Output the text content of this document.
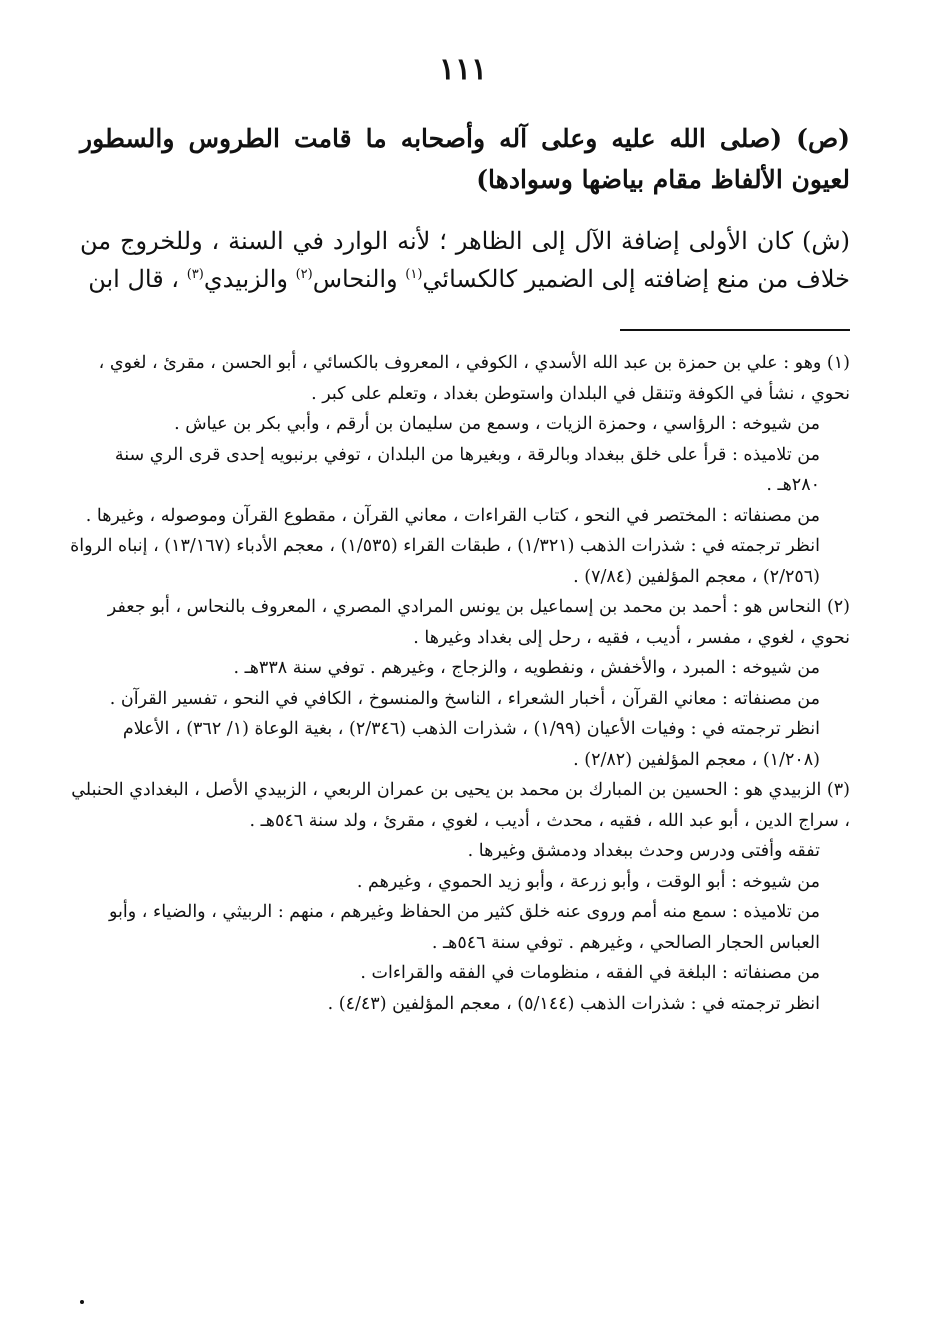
١١١

(ص) (صلى الله عليه وعلى آله وأصحابه ما قامت الطروس والسطور لعيون الألفاظ مقام بياضها وسوادها)

(ش) كان الأولى إضافة الآل إلى الظاهر ؛ لأنه الوارد في السنة ، وللخروج من خلاف من منع إضافته إلى الضمير كالكسائي$^{(١)}$ والنحاس$^{(٢)}$ والزبيدي$^{(٣)}$ ، قال ابن

(١) وهو : علي بن حمزة بن عبد الله الأسدي ، الكوفي ، المعروف بالكسائي ، أبو الحسن ، مقرئ ، لغوي ، نحوي ، نشأ في الكوفة وتنقل في البلدان واستوطن بغداد ، وتعلم على كبر .

من شيوخه : الرؤاسي ، وحمزة الزيات ، وسمع من سليمان بن أرقم ، وأبي بكر بن عياش .

من تلاميذه : قرأ على خلق ببغداد وبالرقة ، وبغيرها من البلدان ، توفي برنبويه إحدى قرى الري سنة ٢٨٠هـ .

من مصنفاته : المختصر في النحو ، كتاب القراءات ، معاني القرآن ، مقطوع القرآن وموصوله ، وغيرها .

انظر ترجمته في : شذرات الذهب (١/٣٢١) ، طبقات القراء (١/٥٣٥) ، معجم الأدباء (١٣/١٦٧) ، إنباه الرواة (٢/٢٥٦) ، معجم المؤلفين (٧/٨٤) .

(٢) النحاس هو : أحمد بن محمد بن إسماعيل بن يونس المرادي المصري ، المعروف بالنحاس ، أبو جعفر نحوي ، لغوي ، مفسر ، أديب ، فقيه ، رحل إلى بغداد وغيرها .

من شيوخه : المبرد ، والأخفش ، ونفطويه ، والزجاج ، وغيرهم . توفي سنة ٣٣٨هـ .

من مصنفاته : معاني القرآن ، أخبار الشعراء ، الناسخ والمنسوخ ، الكافي في النحو ، تفسير القرآن .

انظر ترجمته في : وفيات الأعيان (١/٩٩) ، شذرات الذهب (٢/٣٤٦) ، بغية الوعاة (١/ ٣٦٢) ، الأعلام (١/٢٠٨) ، معجم المؤلفين (٢/٨٢) .

(٣) الزبيدي هو : الحسين بن المبارك بن محمد بن يحيى بن عمران الربعي ، الزبيدي الأصل ، البغدادي الحنبلي ، سراج الدين ، أبو عبد الله ، فقيه ، محدث ، أديب ، لغوي ، مقرئ ، ولد سنة ٥٤٦هـ .

تفقه وأفتى ودرس وحدث ببغداد ودمشق وغيرها .

من شيوخه : أبو الوقت ، وأبو زرعة ، وأبو زيد الحموي ، وغيرهم .

من تلاميذه : سمع منه أمم وروى عنه خلق كثير من الحفاظ وغيرهم ، منهم : الربيثي ، والضياء ، وأبو العباس الحجار الصالحي ، وغيرهم . توفي سنة ٥٤٦هـ .

من مصنفاته : البلغة في الفقه ، منظومات في الفقه والقراءات .

انظر ترجمته في : شذرات الذهب (٥/١٤٤) ، معجم المؤلفين (٤/٤٣) .
